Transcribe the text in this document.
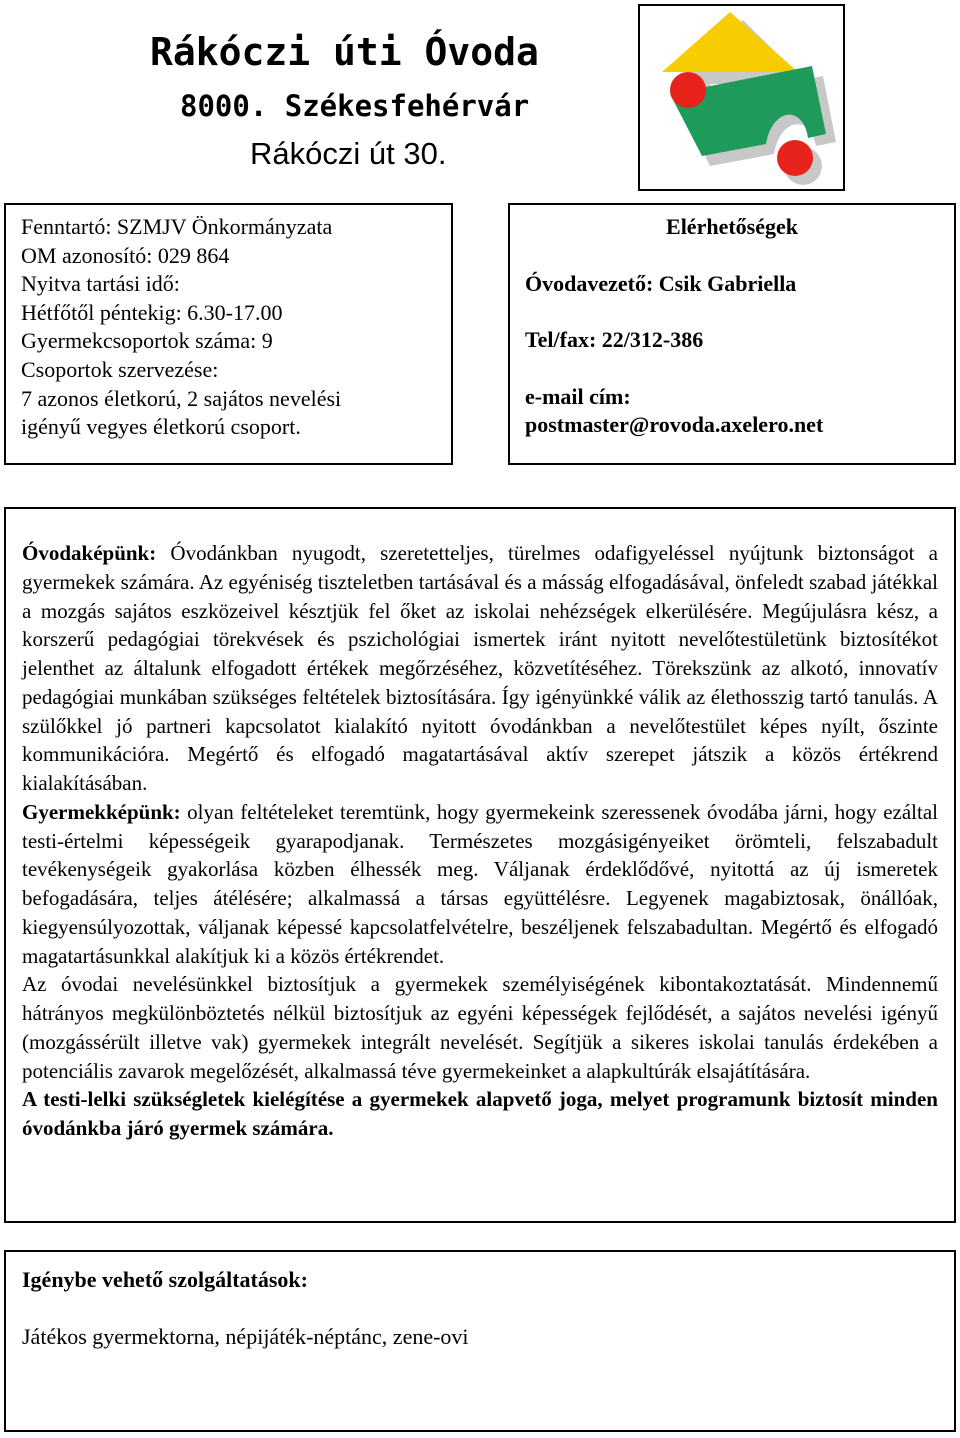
Rákóczi úti Óvoda
8000. Székesfehérvár
Rákóczi út 30.
Fenntartó: SZMJV Önkormányzata
OM azonosító: 029 864
Nyitva tartási idő:
Hétfőtől péntekig: 6.30-17.00
Gyermekcsoportok száma: 9
Csoportok szervezése:
7 azonos életkorú, 2 sajátos nevelési
igényű vegyes életkorú csoport.
Elérhetőségek
Óvodavezető: Csik Gabriella
Tel/fax: 22/312-386
e-mail cím:
postmaster@rovoda.axelero.net

Óvodaképünk: Óvodánkban nyugodt, szeretetteljes, türelmes odafigyeléssel nyújtunk biztonságot a gyermekek számára. Az egyéniség tiszteletben tartásával és a másság elfogadásával, önfeledt szabad játékkal a mozgás sajátos eszközeivel késztjük fel őket az iskolai nehézségek elkerülésére. Megújulásra kész, a korszerű pedagógiai törekvések és pszichológiai ismertek iránt nyitott nevelőtestületünk biztosítékot jelenthet az általunk elfogadott értékek megőrzéséhez, közvetítéséhez. Törekszünk az alkotó, innovatív pedagógiai munkában szükséges feltételek biztosítására. Így igényünkké válik az élethosszig tartó tanulás. A szülőkkel jó partneri kapcsolatot kialakító nyitott óvodánkban a nevelőtestület képes nyílt, őszinte kommunikációra. Megértő és elfogadó magatartásával aktív szerepet játszik a közös értékrend kialakításában.

Gyermekképünk: olyan feltételeket teremtünk, hogy gyermekeink szeressenek óvodába járni, hogy ezáltal testi-értelmi képességeik gyarapodjanak. Természetes mozgásigényeiket örömteli, felszabadult tevékenységeik gyakorlása közben élhessék meg. Váljanak érdeklődővé, nyitottá az új ismeretek befogadására, teljes átélésére; alkalmassá a társas együttélésre. Legyenek magabiztosak, önállóak, kiegyensúlyozottak, váljanak képessé kapcsolatfelvételre, beszéljenek felszabadultan. Megértő és elfogadó magatartásunkkal alakítjuk ki a közös értékrendet.

Az óvodai nevelésünkkel biztosítjuk a gyermekek személyiségének kibontakoztatását. Mindennemű hátrányos megkülönböztetés nélkül biztosítjuk az egyéni képességek fejlődését, a sajátos nevelési igényű (mozgássérült illetve vak) gyermekek integrált nevelését. Segítjük a sikeres iskolai tanulás érdekében a potenciális zavarok megelőzését, alkalmassá téve gyermekeinket a alapkultúrák elsajátítására.

A testi-lelki szükségletek kielégítése a gyermekek alapvető joga, melyet programunk biztosít minden óvodánkba járó gyermek számára.

Igénybe vehető szolgáltatások:
Játékos gyermektorna, népijáték-néptánc, zene-ovi
